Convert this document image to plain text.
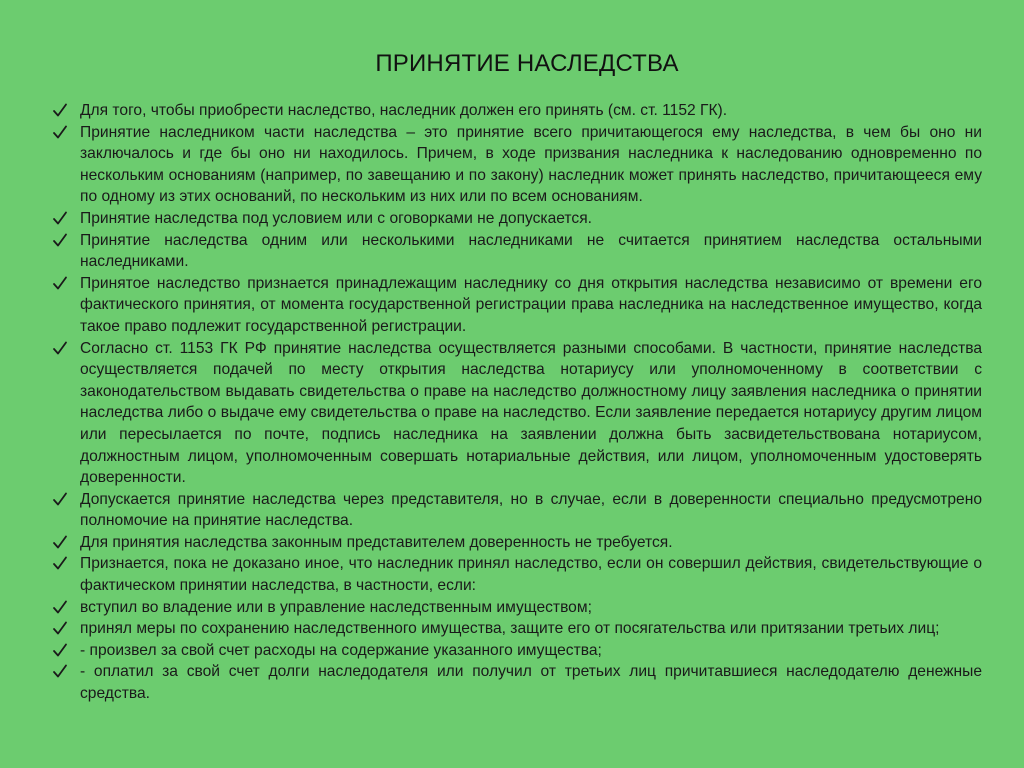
ПРИНЯТИЕ НАСЛЕДСТВА
Для того, чтобы приобрести наследство, наследник должен его принять (см. ст. 1152 ГК).
Принятие наследником части наследства – это принятие всего причитающегося ему наследства, в чем бы оно ни заключалось и где бы оно ни находилось. Причем, в ходе призвания наследника к наследованию одновременно по нескольким основаниям (например, по завещанию и по закону) наследник может принять наследство, причитающееся ему по одному из этих оснований, по нескольким из них или по всем основаниям.
Принятие наследства под условием или с оговорками не допускается.
Принятие наследства одним или несколькими наследниками не считается принятием наследства остальными наследниками.
Принятое наследство признается принадлежащим наследнику со дня открытия наследства независимо от времени его фактического принятия, от момента государственной регистрации права наследника на наследственное имущество, когда такое право подлежит государственной регистрации.
Согласно ст. 1153 ГК РФ принятие наследства осуществляется разными способами. В частности, принятие наследства осуществляется подачей по месту открытия наследства нотариусу или уполномоченному в соответствии с законодательством выдавать свидетельства о праве на наследство должностному лицу заявления наследника о принятии наследства либо о выдаче ему свидетельства о праве на наследство. Если заявление передается нотариусу другим лицом или пересылается по почте, подпись наследника на заявлении должна быть засвидетельствована нотариусом, должностным лицом, уполномоченным совершать нотариальные действия, или лицом, уполномоченным удостоверять доверенности.
Допускается принятие наследства через представителя, но в случае, если в доверенности специально предусмотрено полномочие на принятие наследства.
Для принятия наследства законным представителем доверенность не требуется.
Признается, пока не доказано иное, что наследник принял наследство, если он совершил действия, свидетельствующие о фактическом принятии наследства, в частности, если:
вступил во владение или в управление наследственным имуществом;
принял меры по сохранению наследственного имущества, защите его от посягательства или притязании третьих лиц;
- произвел за свой счет расходы на содержание указанного имущества;
- оплатил за свой счет долги наследодателя или получил от третьих лиц причитавшиеся наследодателю денежные средства.
